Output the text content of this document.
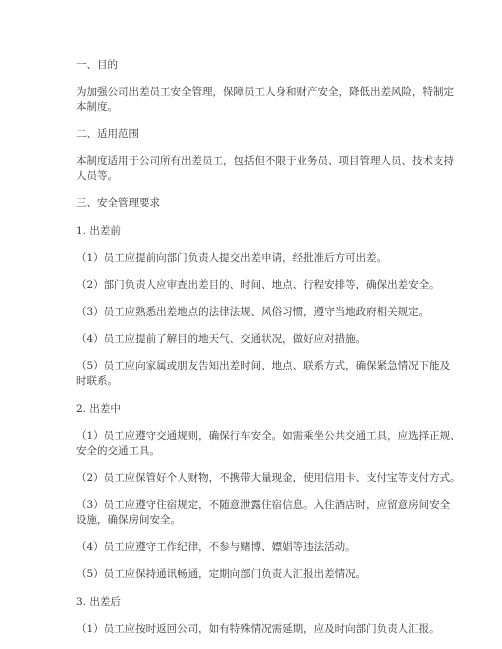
一、目的
为加强公司出差员工安全管理，保障员工人身和财产安全，降低出差风险，特制定
本制度。
二、适用范围
本制度适用于公司所有出差员工，包括但不限于业务员、项目管理人员、技术支持
人员等。
三、安全管理要求
1. 出差前
（1）员工应提前向部门负责人提交出差申请，经批准后方可出差。
（2）部门负责人应审查出差目的、时间、地点、行程安排等，确保出差安全。
（3）员工应熟悉出差地点的法律法规、风俗习惯，遵守当地政府相关规定。
（4）员工应提前了解目的地天气、交通状况，做好应对措施。
（5）员工应向家属或朋友告知出差时间、地点、联系方式，确保紧急情况下能及
时联系。
2. 出差中
（1）员工应遵守交通规则，确保行车安全。如需乘坐公共交通工具，应选择正规、
安全的交通工具。
（2）员工应保管好个人财物，不携带大量现金，使用信用卡、支付宝等支付方式。
（3）员工应遵守住宿规定，不随意泄露住宿信息。入住酒店时，应留意房间安全
设施，确保房间安全。
（4）员工应遵守工作纪律，不参与赌博、嫖娼等违法活动。
（5）员工应保持通讯畅通，定期向部门负责人汇报出差情况。
3. 出差后
（1）员工应按时返回公司，如有特殊情况需延期，应及时向部门负责人汇报。
